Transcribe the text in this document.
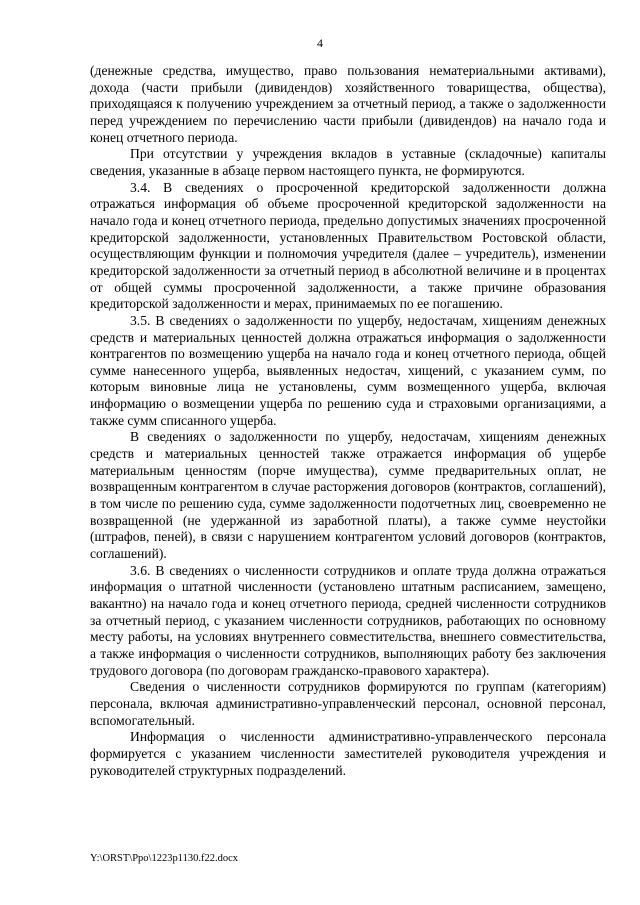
4

(денежные средства, имущество, право пользования нематериальными активами), дохода (части прибыли (дивидендов) хозяйственного товарищества, общества), приходящаяся к получению учреждением за отчетный период, а также о задолженности перед учреждением по перечислению части прибыли (дивидендов) на начало года и конец отчетного периода.

При отсутствии у учреждения вкладов в уставные (складочные) капиталы сведения, указанные в абзаце первом настоящего пункта, не формируются.

3.4. В сведениях о просроченной кредиторской задолженности должна отражаться информация об объеме просроченной кредиторской задолженности на начало года и конец отчетного периода, предельно допустимых значениях просроченной кредиторской задолженности, установленных Правительством Ростовской области, осуществляющим функции и полномочия учредителя (далее – учредитель), изменении кредиторской задолженности за отчетный период в абсолютной величине и в процентах от общей суммы просроченной задолженности, а также причине образования кредиторской задолженности и мерах, принимаемых по ее погашению.

3.5. В сведениях о задолженности по ущербу, недостачам, хищениям денежных средств и материальных ценностей должна отражаться информация о задолженности контрагентов по возмещению ущерба на начало года и конец отчетного периода, общей сумме нанесенного ущерба, выявленных недостач, хищений, с указанием сумм, по которым виновные лица не установлены, сумм возмещенного ущерба, включая информацию о возмещении ущерба по решению суда и страховыми организациями, а также сумм списанного ущерба.

В сведениях о задолженности по ущербу, недостачам, хищениям денежных средств и материальных ценностей также отражается информация об ущербе материальным ценностям (порче имущества), сумме предварительных оплат, не возвращенным контрагентом в случае расторжения договоров (контрактов, соглашений), в том числе по решению суда, сумме задолженности подотчетных лиц, своевременно не возвращенной (не удержанной из заработной платы), а также сумме неустойки (штрафов, пеней), в связи с нарушением контрагентом условий договоров (контрактов, соглашений).

3.6. В сведениях о численности сотрудников и оплате труда должна отражаться информация о штатной численности (установлено штатным расписанием, замещено, вакантно) на начало года и конец отчетного периода, средней численности сотрудников за отчетный период, с указанием численности сотрудников, работающих по основному месту работы, на условиях внутреннего совместительства, внешнего совместительства, а также информация о численности сотрудников, выполняющих работу без заключения трудового договора (по договорам гражданско-правового характера).

Сведения о численности сотрудников формируются по группам (категориям) персонала, включая административно-управленческий персонал, основной персонал, вспомогательный.

Информация о численности административно-управленческого персонала формируется с указанием численности заместителей руководителя учреждения и руководителей структурных подразделений.

Y:\ORST\Ppo\1223p1130.f22.docx
